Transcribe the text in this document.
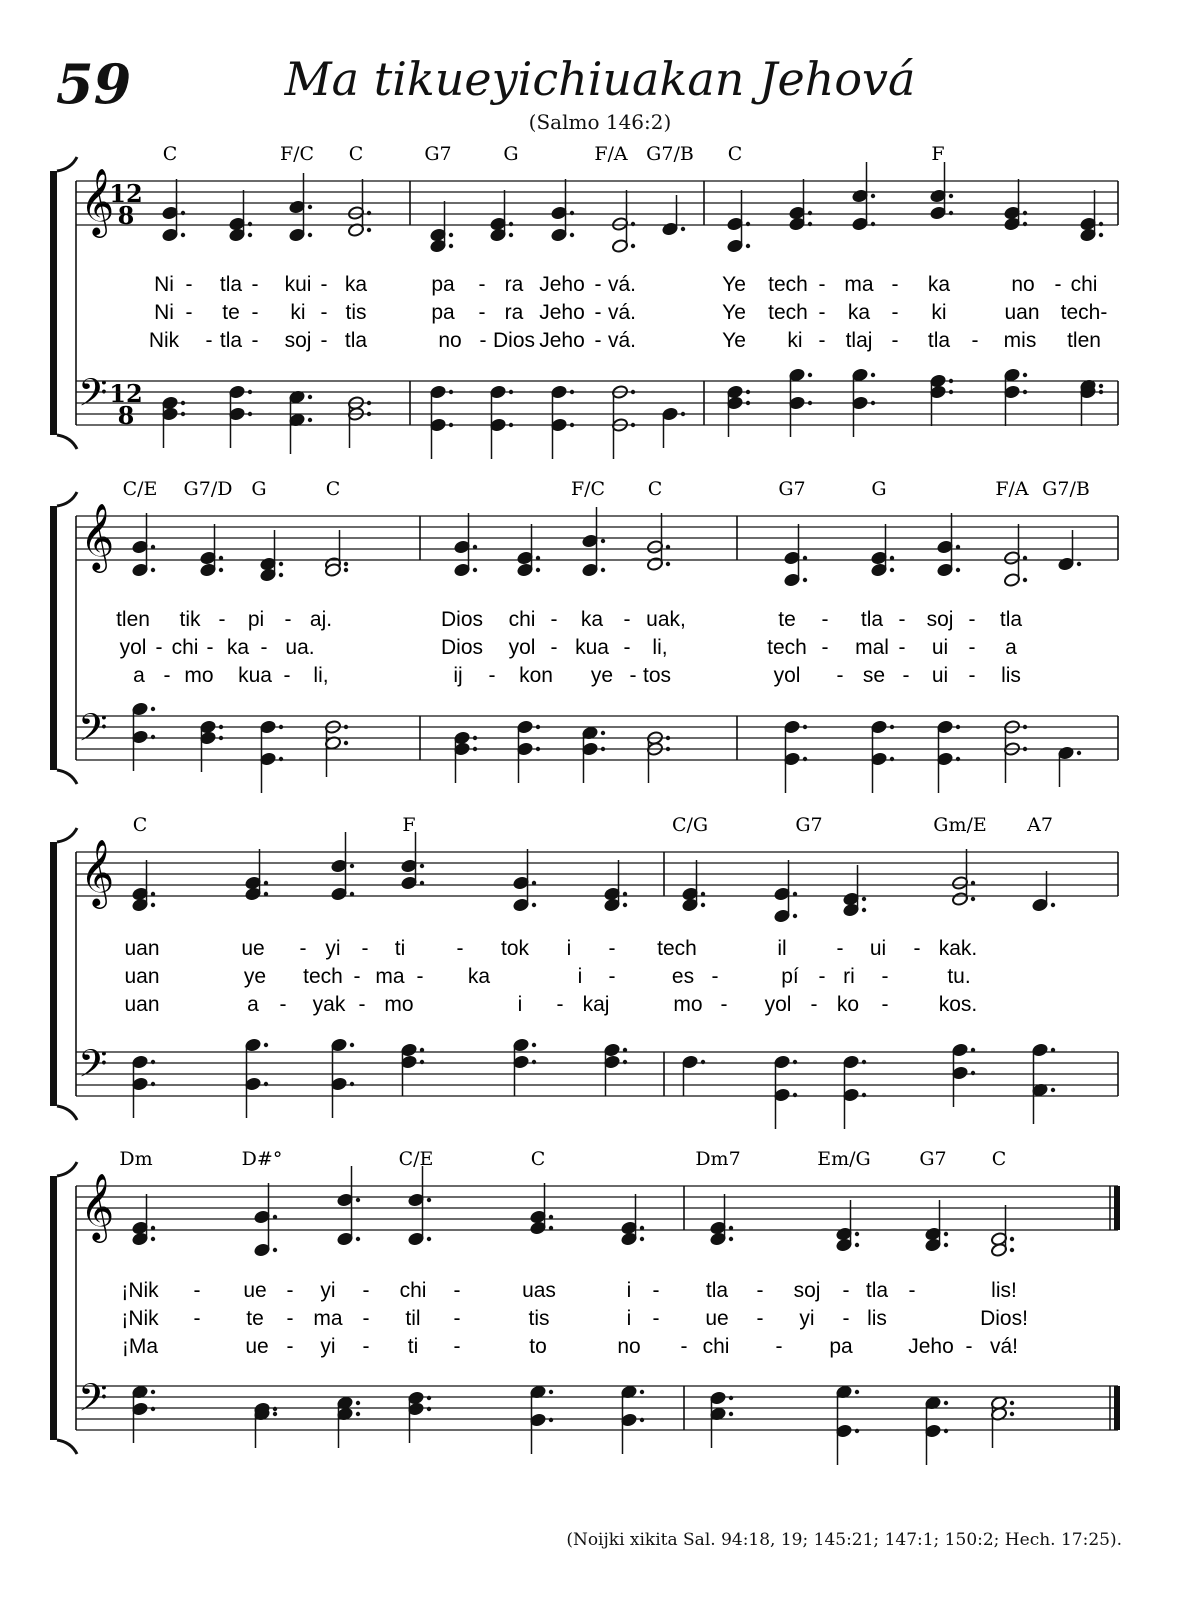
59	Ma tikueyichiuakan Jehová
(Salmo 146:2)
𝄞
𝄢
12
8
12
8
C	F/C C	G7	G	F/A G7/B C	F
Ni - tla - kui - ka	pa - ra Jeho - vá.	Ye tech - ma - ka	no - chi
Ni - te - ki - tis	pa - ra Jeho - vá.	Ye tech - ka - ki	uan tech-
Nik - tla - soj - tla	no - Dios Jeho - vá.	Ye ki - tlaj - tla - mis tlen
𝄞
𝄢
C/E G7/D G	C	F/C C	G7	G	F/A G7/B
tlen tik - pi - aj.	Dios chi - ka - uak,	te - tla - soj - tla
yol - chi - ka - ua.	Dios yol - kua - li,	tech - mal - ui - a
a - mo kua - li,	ij - kon ye - tos	yol - se - ui - lis
𝄞
𝄢
C	F	C/G	G7	Gm/E A7
uan	ue - yi - ti - tok i - tech	il - ui - kak.
uan	ye tech - ma - ka	i -	es -	pí - ri -	tu.
uan	a - yak - mo	i - kaj	mo - yol - ko - kos.
𝄞
𝄢
Dm	D#°	C/E	C	Dm7	Em/G	G7 C
¡Nik - ue - yi - chi -	uas	i - tla - soj - tla -	lis!
¡Nik - te - ma - til -	tis	i - ue - yi - lis	Dios!
¡Ma	ue - yi - ti -	to	no - chi - pa	Jeho - vá!
(Noijki xikita Sal. 94:18, 19; 145:21; 147:1; 150:2; Hech. 17:25).
